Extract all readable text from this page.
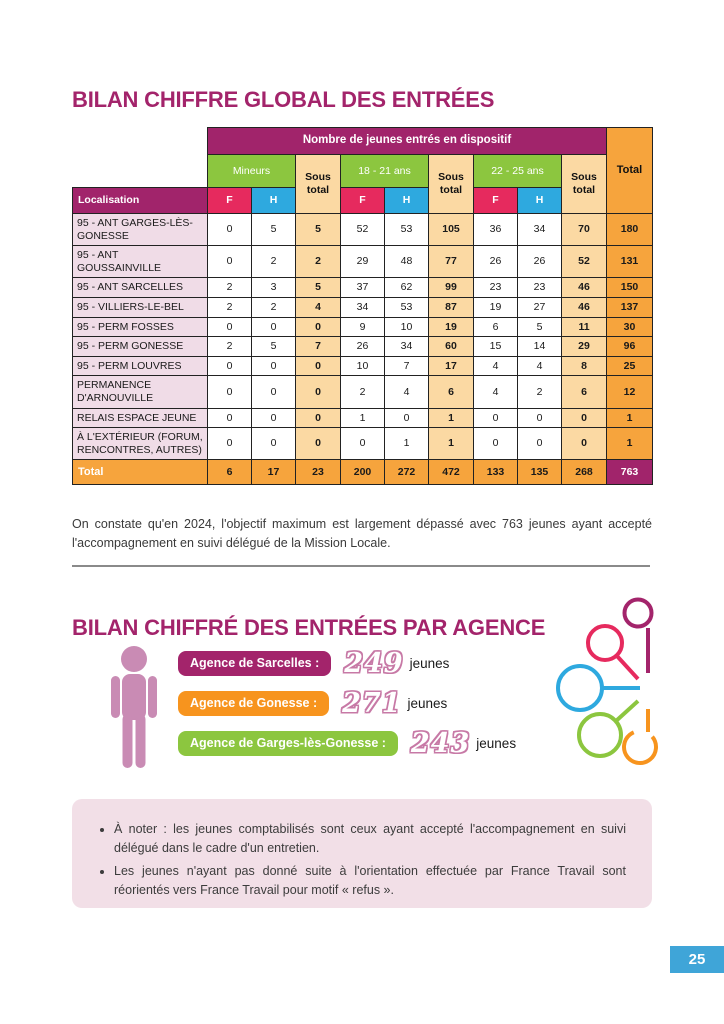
BILAN CHIFFRE GLOBAL DES ENTRÉES
	Nombre de jeunes entrés en dispositif									Total
	Mineurs		Sous total	18 - 21 ans		Sous total	22 - 25 ans		Sous total	
Localisation	F	H		F	H		F	H		
95 - ANT GARGES-LÈS-GONESSE	0	5	5	52	53	105	36	34	70	180
95 - ANT GOUSSAINVILLE	0	2	2	29	48	77	26	26	52	131
95 - ANT SARCELLES	2	3	5	37	62	99	23	23	46	150
95 - VILLIERS-LE-BEL	2	2	4	34	53	87	19	27	46	137
95 - PERM FOSSES	0	0	0	9	10	19	6	5	11	30
95 - PERM GONESSE	2	5	7	26	34	60	15	14	29	96
95 - PERM LOUVRES	0	0	0	10	7	17	4	4	8	25
PERMANENCE D'ARNOUVILLE	0	0	0	2	4	6	4	2	6	12
RELAIS ESPACE JEUNE	0	0	0	1	0	1	0	0	0	1
À L'EXTÉRIEUR (FORUM, RENCONTRES, AUTRES)	0	0	0	0	1	1	0	0	0	1
Total	6	17	23	200	272	472	133	135	268	763

On constate qu'en 2024, l'objectif maximum est largement dépassé avec 763 jeunes ayant accepté l'accompagnement en suivi délégué de la Mission Locale.

BILAN CHIFFRÉ DES ENTRÉES PAR AGENCE
Agence de Sarcelles : 249 jeunes
Agence de Gonesse : 271 jeunes
Agence de Garges-lès-Gonesse : 243 jeunes
• À noter : les jeunes comptabilisés sont ceux ayant accepté l'accompagnement en suivi délégué dans le cadre d'un entretien.
• Les jeunes n'ayant pas donné suite à l'orientation effectuée par France Travail sont réorientés vers France Travail pour motif « refus ».
25
